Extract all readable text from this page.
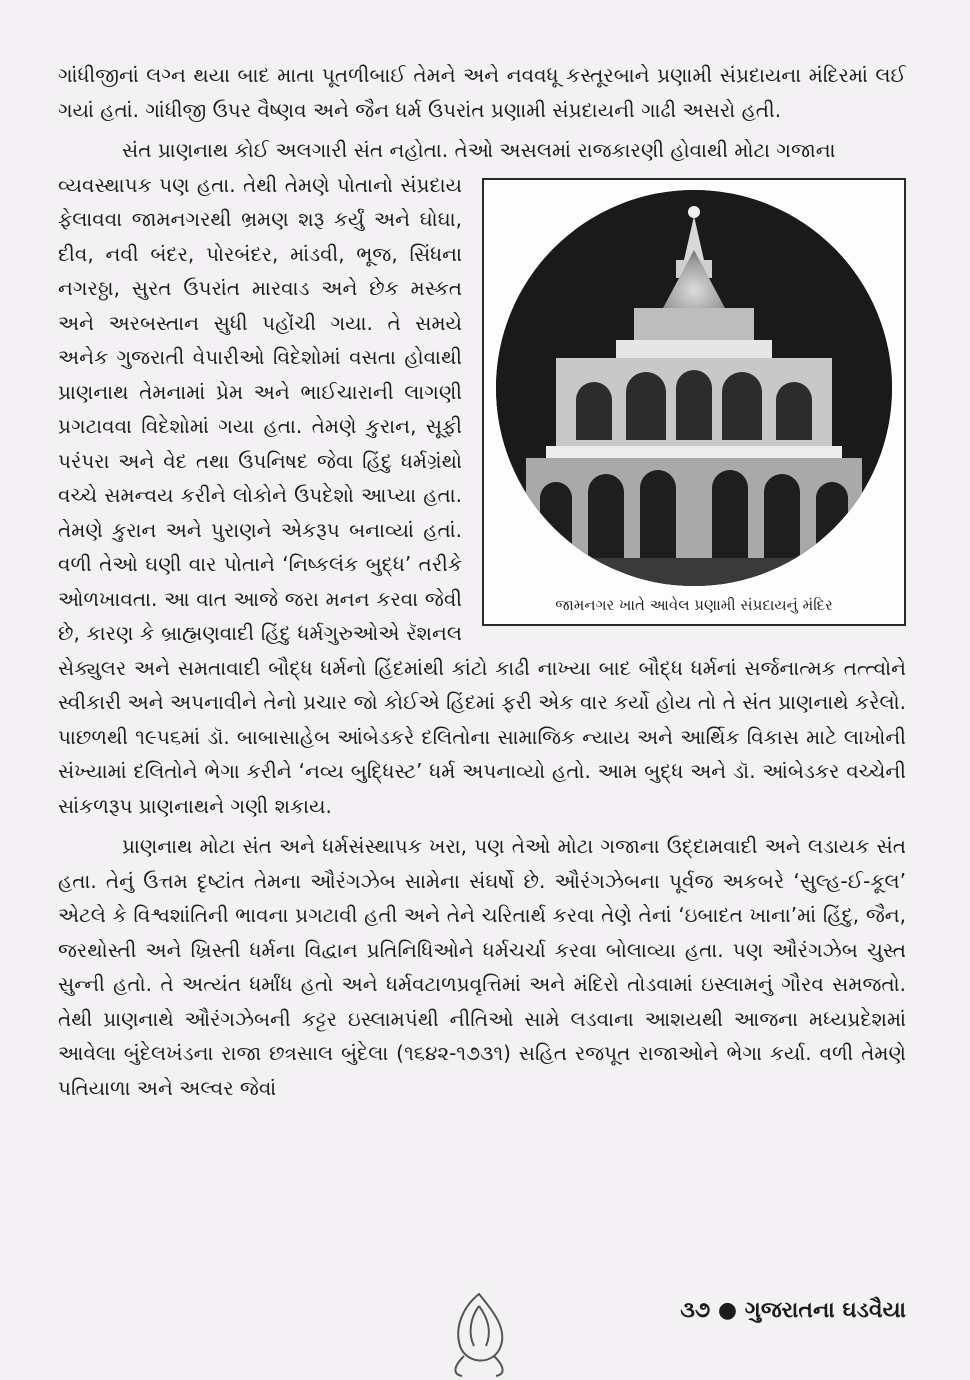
ગાંધીજીનાં લગ્ન થયા બાદ માતા પૂતળીબાઈ તેમને અને નવવધૂ કસ્તૂરબાને પ્રણામી સંપ્રદાયના મંદિરમાં લઈ ગયાં હતાં. ગાંધીજી ઉપર વૈષ્ણવ અને જૈન ધર્મ ઉપરાંત પ્રણામી સંપ્રદાયની ગાઢી અસરો હતી.

સંત પ્રાણનાથ કોઈ અલગારી સંત નહોતા. તેઓ અસલમાં રાજકારણી હોવાથી મોટા ગજાના

જામનગર ખાતે આવેલ પ્રણામી સંપ્રદાયનું મંદિર

વ્યવસ્થાપક પણ હતા. તેથી તેમણે પોતાનો સંપ્રદાય ફેલાવવા જામનગરથી ભ્રમણ શરૂ કર્યું અને ઘોઘા, દીવ, નવી બંદર, પોરબંદર, માંડવી, ભૂજ, સિંધના નગરઠ્ઠા, સુરત ઉપરાંત મારવાડ અને છેક મસ્કત અને અરબસ્તાન સુધી પહોંચી ગયા. તે સમયે અનેક ગુજરાતી વેપારીઓ વિદેશોમાં વસતા હોવાથી પ્રાણનાથ તેમનામાં પ્રેમ અને ભાઈચારાની લાગણી પ્રગટાવવા વિદેશોમાં ગયા હતા. તેમણે કુરાન, સૂફી પરંપરા અને વેદ તથા ઉપનિષદ જેવા હિંદુ ધર્મગ્રંથો વચ્ચે સમન્વય કરીને લોકોને ઉપદેશો આપ્યા હતા. તેમણે કુરાન અને પુરાણને એકરૂપ બનાવ્યાં હતાં. વળી તેઓ ઘણી વાર પોતાને ‘નિષ્કલંક બુદ્ધ’ તરીકે ઓળખાવતા. આ વાત આજે જરા મનન કરવા જેવી છે, કારણ કે બ્રાહ્મણવાદી હિંદુ ધર્મગુરુઓએ રૅશનલ સેક્યુલર અને સમતાવાદી બૌદ્ધ ધર્મનો હિંદમાંથી કાંટો કાઢી નાખ્યા બાદ બૌદ્ધ ધર્મનાં સર્જનાત્મક તત્ત્વોને સ્વીકારી અને અપનાવીને તેનો પ્રચાર જો કોઈએ હિંદમાં ફરી એક વાર કર્યો હોય તો તે સંત પ્રાણનાથે કરેલો. પાછળથી ૧૯૫૬માં ડૉ. બાબાસાહેબ આંબેડકરે દલિતોના સામાજિક ન્યાય અને આર્થિક વિકાસ માટે લાખોની સંખ્યામાં દલિતોને ભેગા કરીને ‘નવ્ય બુદ્ધિસ્ટ’ ધર્મ અપનાવ્યો હતો. આમ બુદ્ધ અને ડૉ. આંબેડકર વચ્ચેની સાંકળરૂપ પ્રાણનાથને ગણી શકાય.

પ્રાણનાથ મોટા સંત અને ધર્મસંસ્થાપક ખરા, પણ તેઓ મોટા ગજાના ઉદ્દામવાદી અને લડાયક સંત હતા. તેનું ઉત્તમ દૃષ્ટાંત તેમના ઔરંગઝેબ સામેના સંઘર્ષો છે. ઔરંગઝેબના પૂર્વજ અકબરે ‘સુલ્હ-ઈ-કૂલ’ એટલે કે વિશ્વશાંતિની ભાવના પ્રગટાવી હતી અને તેને ચરિતાર્થ કરવા તેણે તેનાં ‘ઇબાદત ખાના’માં હિંદુ, જૈન, જરથોસ્તી અને ખ્રિસ્તી ધર્મના વિદ્વાન પ્રતિનિધિઓને ધર્મચર્ચા કરવા બોલાવ્યા હતા. પણ ઔરંગઝેબ ચુસ્ત સુન્ની હતો. તે અત્યંત ધર્માંધ હતો અને ધર્મવટાળપ્રવૃત્તિમાં અને મંદિરો તોડવામાં ઇસ્લામનું ગૌરવ સમજતો. તેથી પ્રાણનાથે ઔરંગઝેબની કટ્ટર ઇસ્લામપંથી નીતિઓ સામે લડવાના આશયથી આજના મધ્યપ્રદેશમાં આવેલા બુંદેલખંડના રાજા છત્રસાલ બુંદેલા (૧૬૪૨-૧૭૩૧) સહિત રજપૂત રાજાઓને ભેગા કર્યા. વળી તેમણે પતિયાળા અને અલ્વર જેવાં

૩૭ ● ગુજરાતના ઘડવૈયા
